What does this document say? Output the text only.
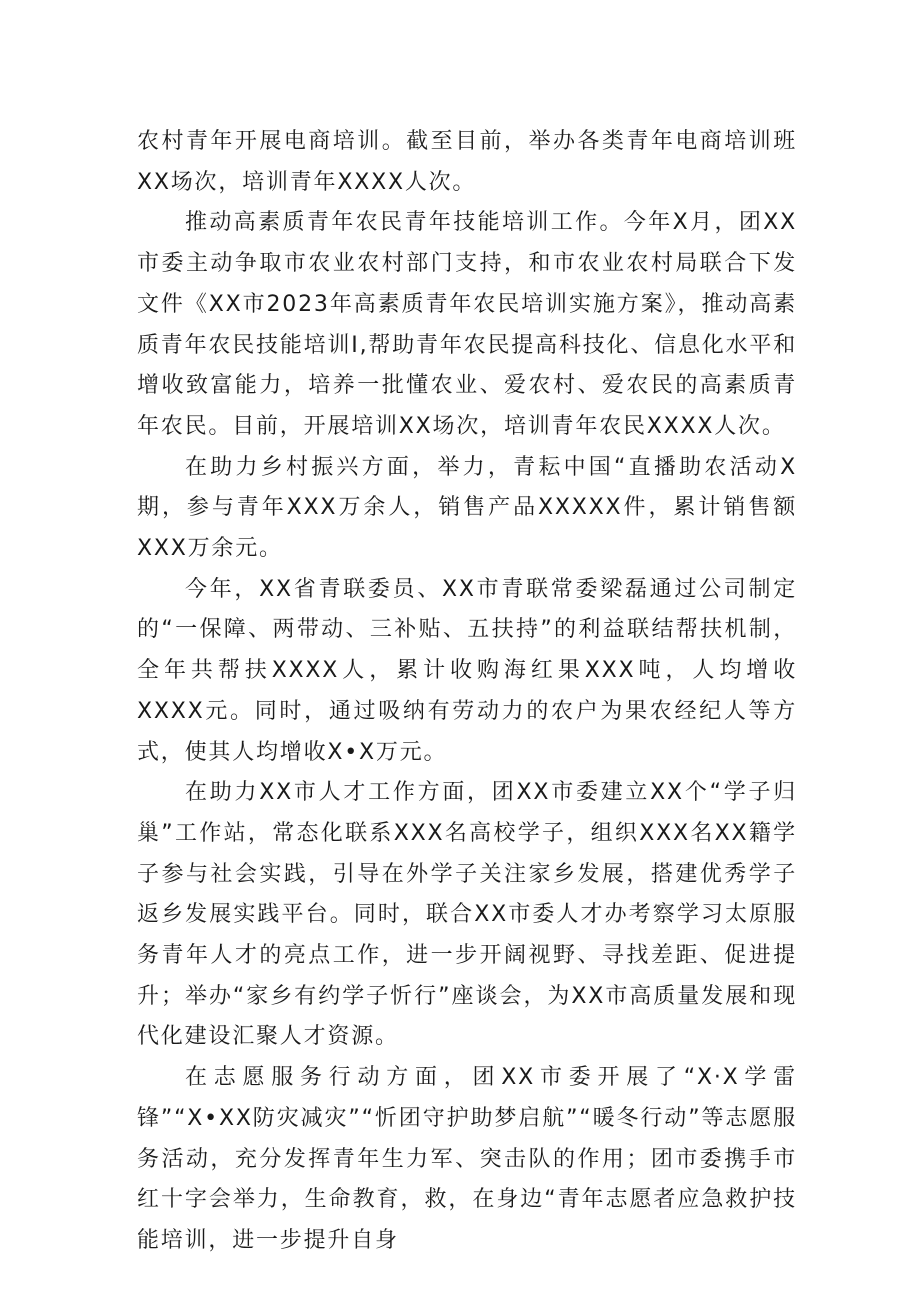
农村青年开展电商培训。截至目前，举办各类青年电商培训班XX场次，培训青年XXXX人次。

推动高素质青年农民青年技能培训工作。今年X月，团XX市委主动争取市农业农村部门支持，和市农业农村局联合下发文件《XX市2023年高素质青年农民培训实施方案》，推动高素质青年农民技能培训I,帮助青年农民提高科技化、信息化水平和增收致富能力，培养一批懂农业、爱农村、爱农民的高素质青年农民。目前，开展培训XX场次，培训青年农民XXXX人次。

在助力乡村振兴方面，举力，青耘中国“直播助农活动X期，参与青年XXX万余人，销售产品XXXXX件，累计销售额XXX万余元。

今年，XX省青联委员、XX市青联常委梁磊通过公司制定的“一保障、两带动、三补贴、五扶持”的利益联结帮扶机制，全年共帮扶XXXX人，累计收购海红果XXX吨，人均增收XXXX元。同时，通过吸纳有劳动力的农户为果农经纪人等方式，使其人均增收X•X万元。

在助力XX市人才工作方面，团XX市委建立XX个“学子归巢”工作站，常态化联系XXX名高校学子，组织XXX名XX籍学子参与社会实践，引导在外学子关注家乡发展，搭建优秀学子返乡发展实践平台。同时，联合XX市委人才办考察学习太原服务青年人才的亮点工作，进一步开阔视野、寻找差距、促进提升；举办“家乡有约学子忻行”座谈会，为XX市高质量发展和现代化建设汇聚人才资源。

在志愿服务行动方面，团XX市委开展了“X·X学雷锋”“X•XX防灾减灾”“忻团守护助梦启航”“暖冬行动”等志愿服务活动，充分发挥青年生力军、突击队的作用；团市委携手市红十字会举力，生命教育，救，在身边“青年志愿者应急救护技能培训，进一步提升自身
